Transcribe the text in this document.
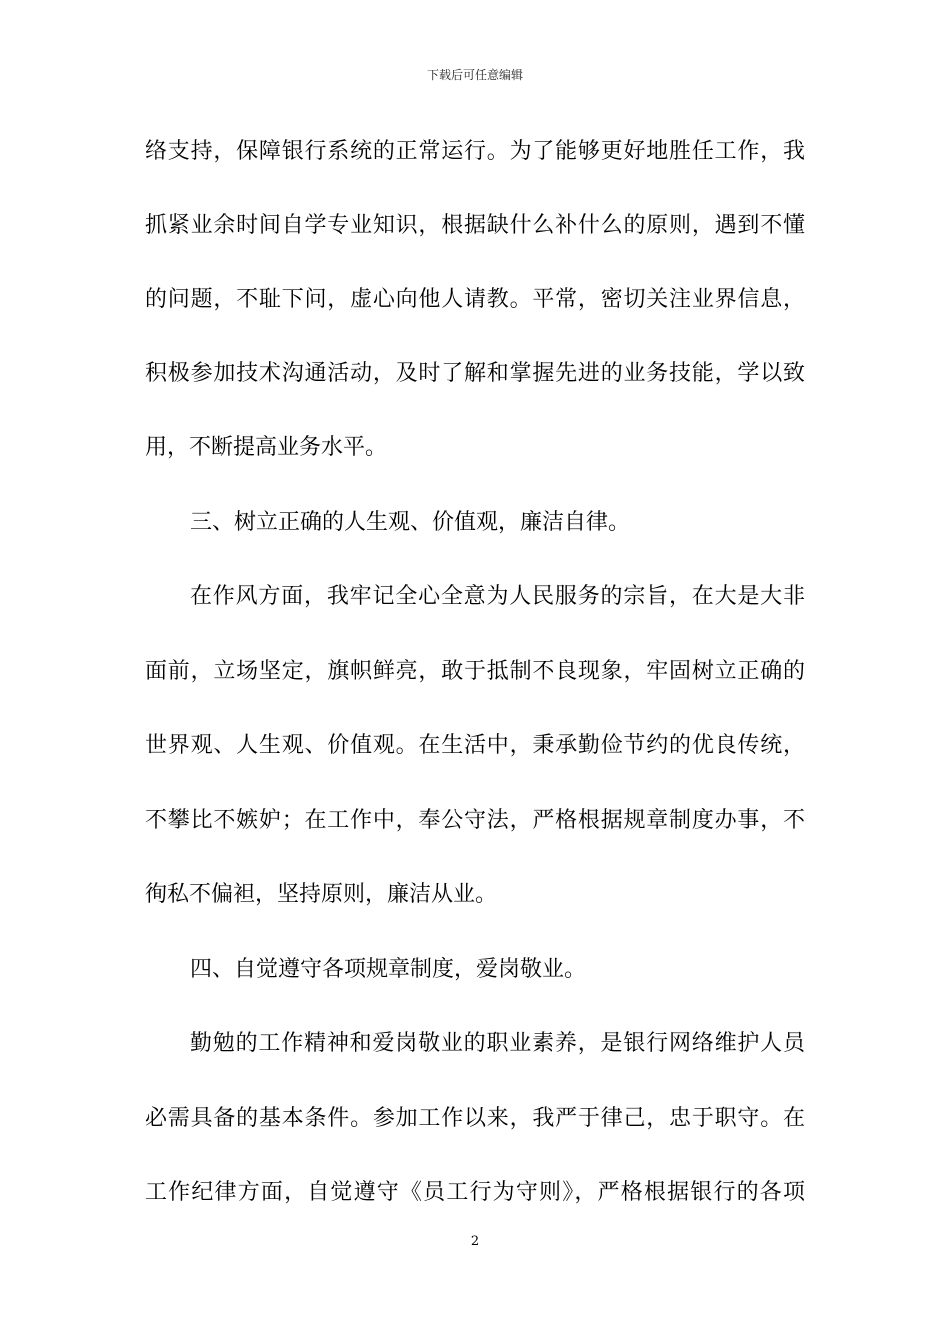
下载后可任意编辑
络支持，保障银行系统的正常运行。为了能够更好地胜任工作，我
抓紧业余时间自学专业知识，根据缺什么补什么的原则，遇到不懂
的问题，不耻下问，虚心向他人请教。平常，密切关注业界信息，
积极参加技术沟通活动，及时了解和掌握先进的业务技能，学以致
用，不断提高业务水平。
三、树立正确的人生观、价值观，廉洁自律。
在作风方面，我牢记全心全意为人民服务的宗旨，在大是大非
面前，立场坚定，旗帜鲜亮，敢于抵制不良现象，牢固树立正确的
世界观、人生观、价值观。在生活中，秉承勤俭节约的优良传统，
不攀比不嫉妒；在工作中，奉公守法，严格根据规章制度办事，不
徇私不偏袒，坚持原则，廉洁从业。
四、自觉遵守各项规章制度，爱岗敬业。
勤勉的工作精神和爱岗敬业的职业素养，是银行网络维护人员
必需具备的基本条件。参加工作以来，我严于律己，忠于职守。在
工作纪律方面，自觉遵守《员工行为守则》，严格根据银行的各项
2
